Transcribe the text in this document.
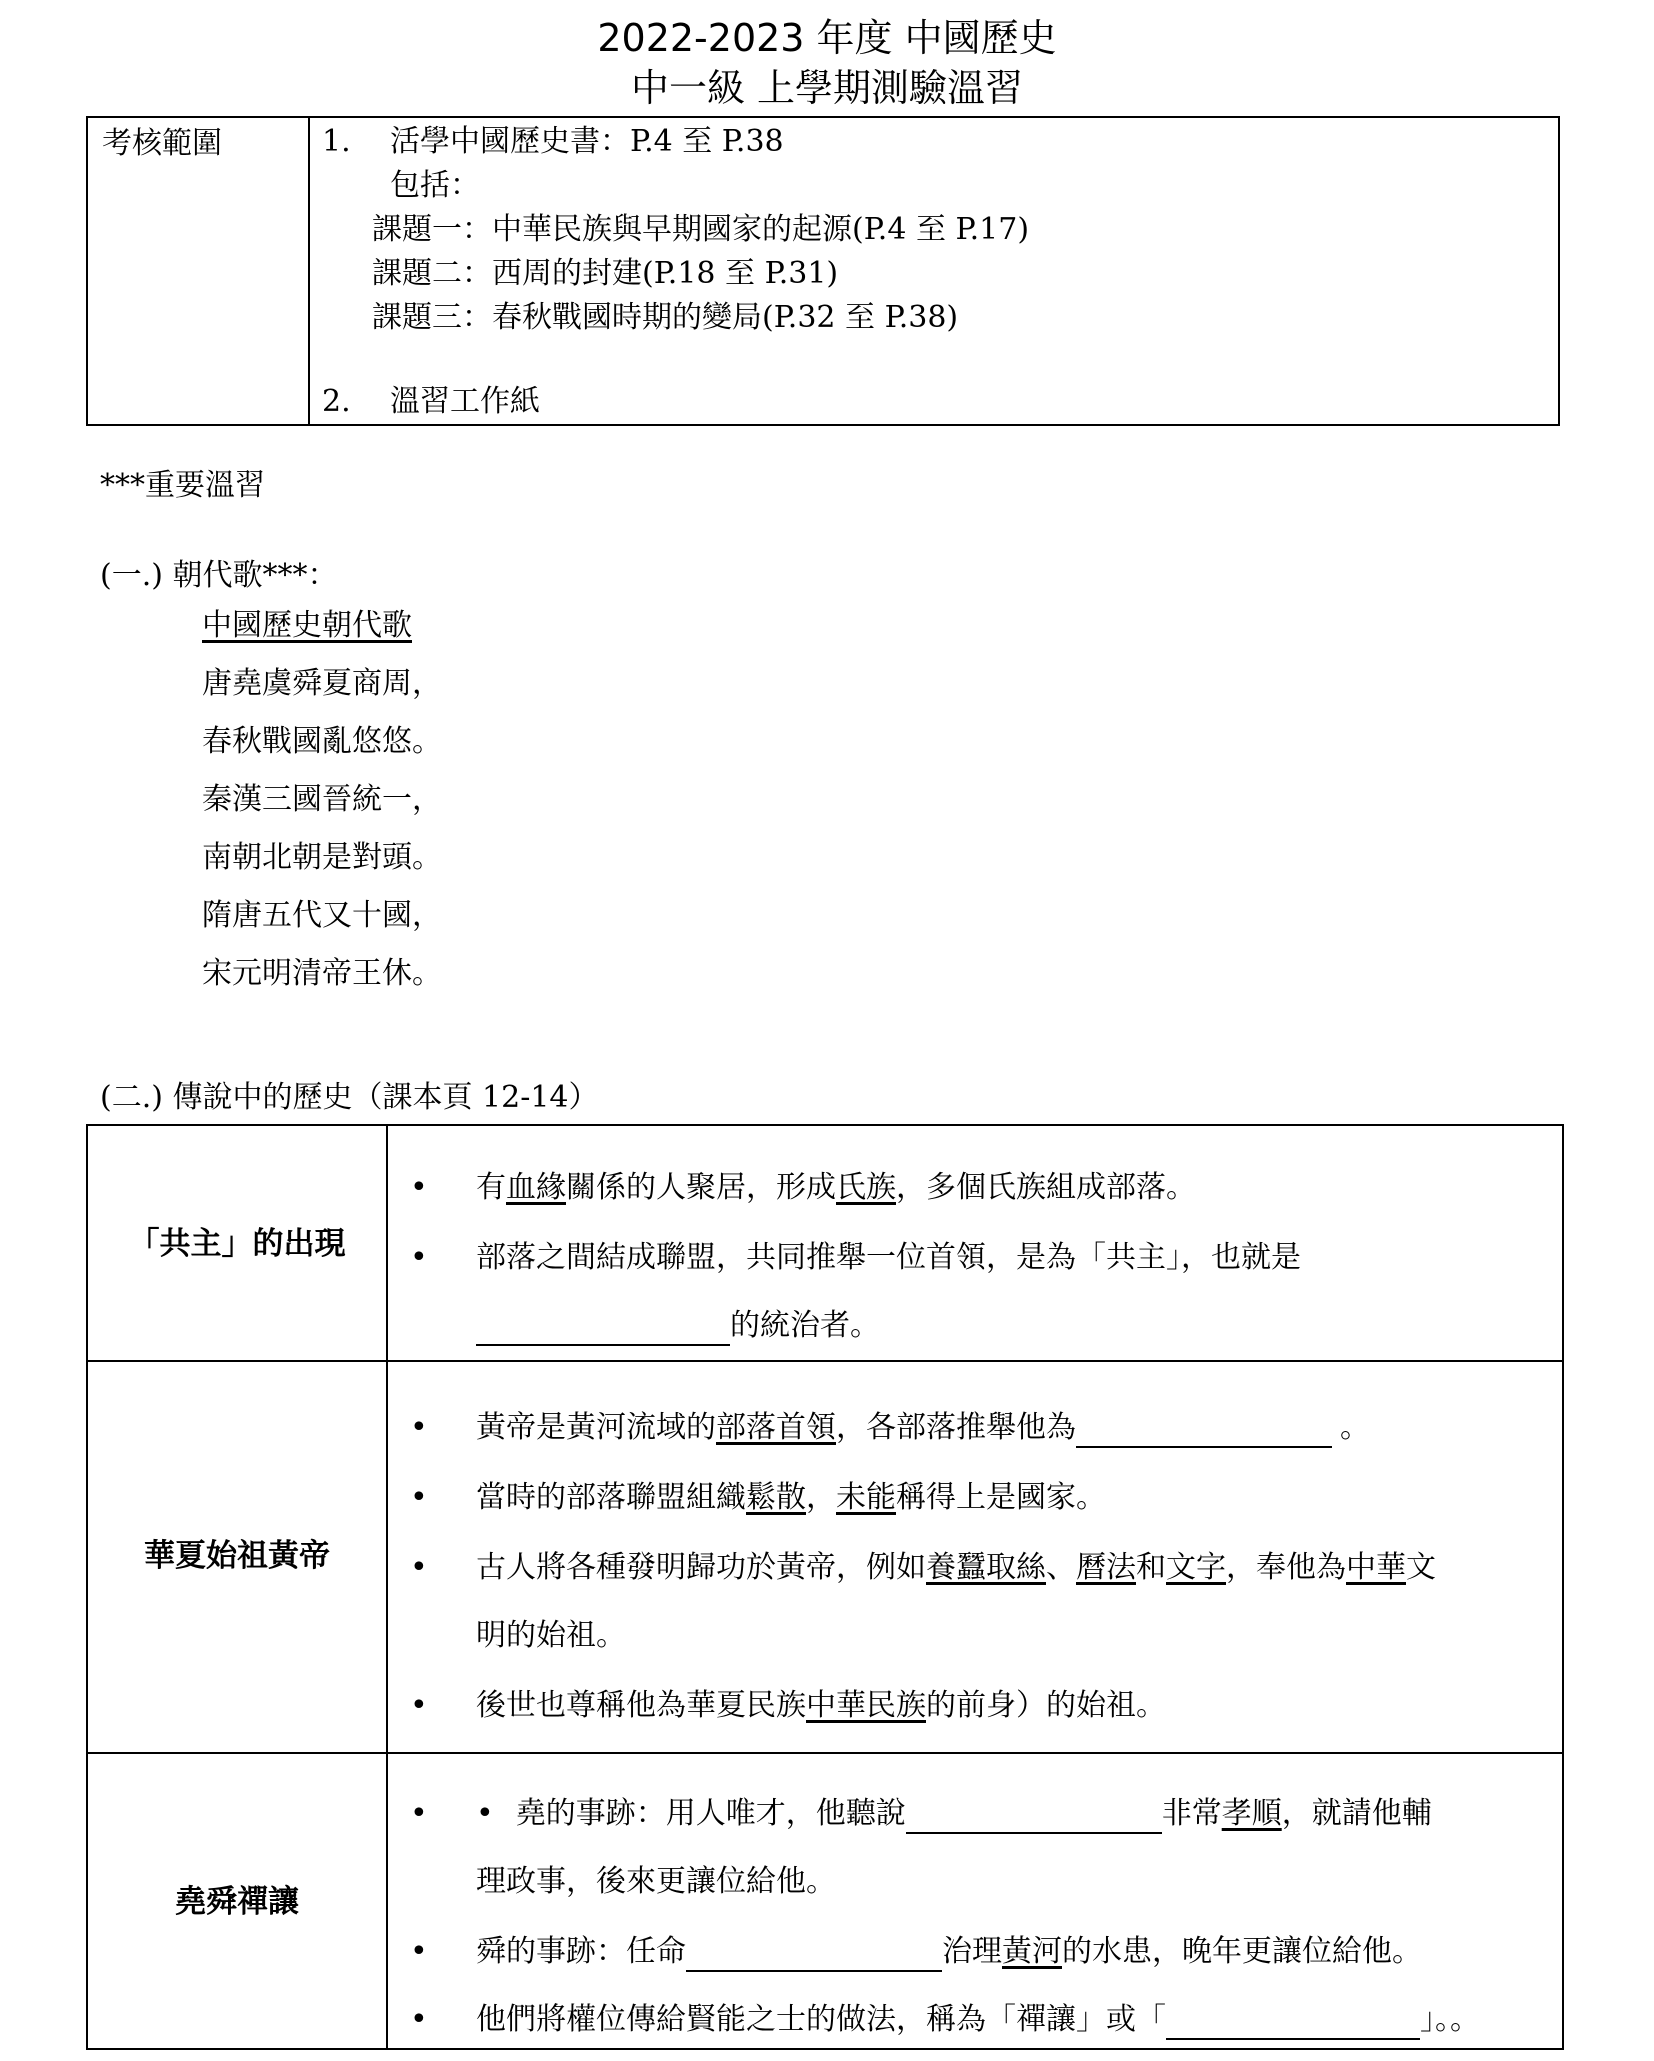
2022-2023 年度 中國歷史
中一級 上學期測驗溫習
考核範圍	1. 活學中國歷史書：P.4 至 P.38
包括：
課題一：中華民族與早期國家的起源(P.4 至 P.17)
課題二：西周的封建(P.18 至 P.31)
課題三：春秋戰國時期的變局(P.32 至 P.38)
2. 溫習工作紙
***重要溫習
(一.) 朝代歌***：
中國歷史朝代歌
唐堯虞舜夏商周，
春秋戰國亂悠悠。
秦漢三國晉統一，
南朝北朝是對頭。
隋唐五代又十國，
宋元明清帝王休。
(二.) 傳說中的歷史（課本頁 12-14）
「共主」的出現
• 有血緣關係的人聚居，形成氏族，多個氏族組成部落。
• 部落之間結成聯盟，共同推舉一位首領，是為「共主」，也就是
的統治者。
華夏始祖黃帝
• 黃帝是黃河流域的部落首領，各部落推舉他為	。
• 當時的部落聯盟組織鬆散，未能稱得上是國家。
• 古人將各種發明歸功於黃帝，例如養蠶取絲、曆法和文字，奉他為中華文
明的始祖。
• 後世也尊稱他為華夏民族中華民族的前身）的始祖。
堯舜禪讓
• • 堯的事跡：用人唯才，他聽說	非常孝順，就請他輔
理政事，後來更讓位給他。
• 舜的事跡：任命	治理黃河的水患，晚年更讓位給他。
• 他們將權位傳給賢能之士的做法，稱為「禪讓」或「	」。。
